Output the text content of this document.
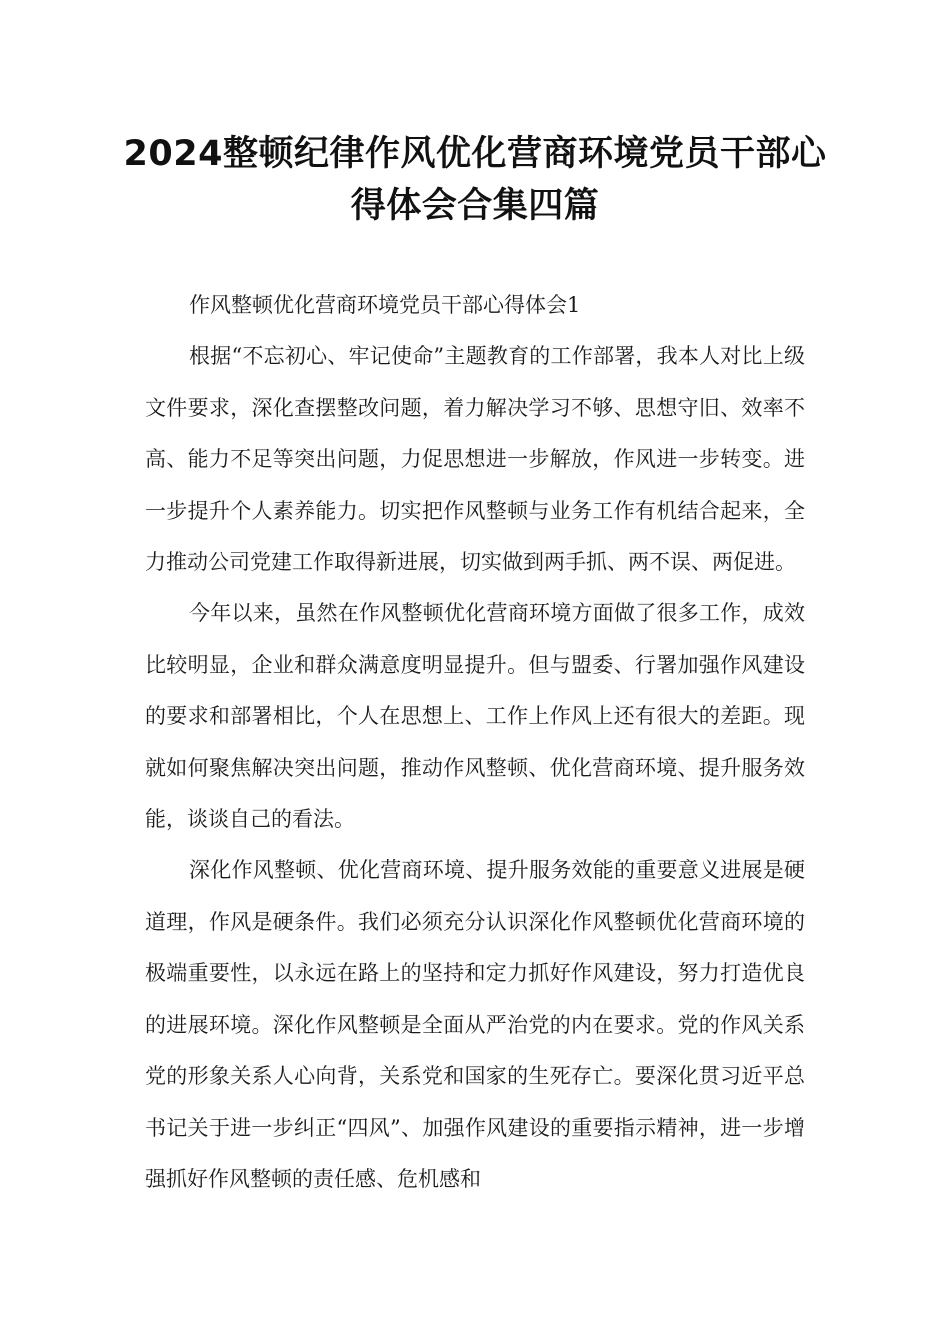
2024整顿纪律作风优化营商环境党员干部心得体会合集四篇

作风整顿优化营商环境党员干部心得体会1

根据“不忘初心、牢记使命”主题教育的工作部署，我本人对比上级文件要求，深化查摆整改问题，着力解决学习不够、思想守旧、效率不高、能力不足等突出问题，力促思想进一步解放，作风进一步转变。进一步提升个人素养能力。切实把作风整顿与业务工作有机结合起来，全力推动公司党建工作取得新进展，切实做到两手抓、两不误、两促进。

今年以来，虽然在作风整顿优化营商环境方面做了很多工作，成效比较明显，企业和群众满意度明显提升。但与盟委、行署加强作风建设的要求和部署相比，个人在思想上、工作上作风上还有很大的差距。现就如何聚焦解决突出问题，推动作风整顿、优化营商环境、提升服务效能，谈谈自己的看法。

深化作风整顿、优化营商环境、提升服务效能的重要意义进展是硬道理，作风是硬条件。我们必须充分认识深化作风整顿优化营商环境的极端重要性，以永远在路上的坚持和定力抓好作风建设，努力打造优良的进展环境。深化作风整顿是全面从严治党的内在要求。党的作风关系党的形象关系人心向背，关系党和国家的生死存亡。要深化贯习近平总书记关于进一步纠正“四风”、加强作风建设的重要指示精神，进一步增强抓好作风整顿的责任感、危机感和
